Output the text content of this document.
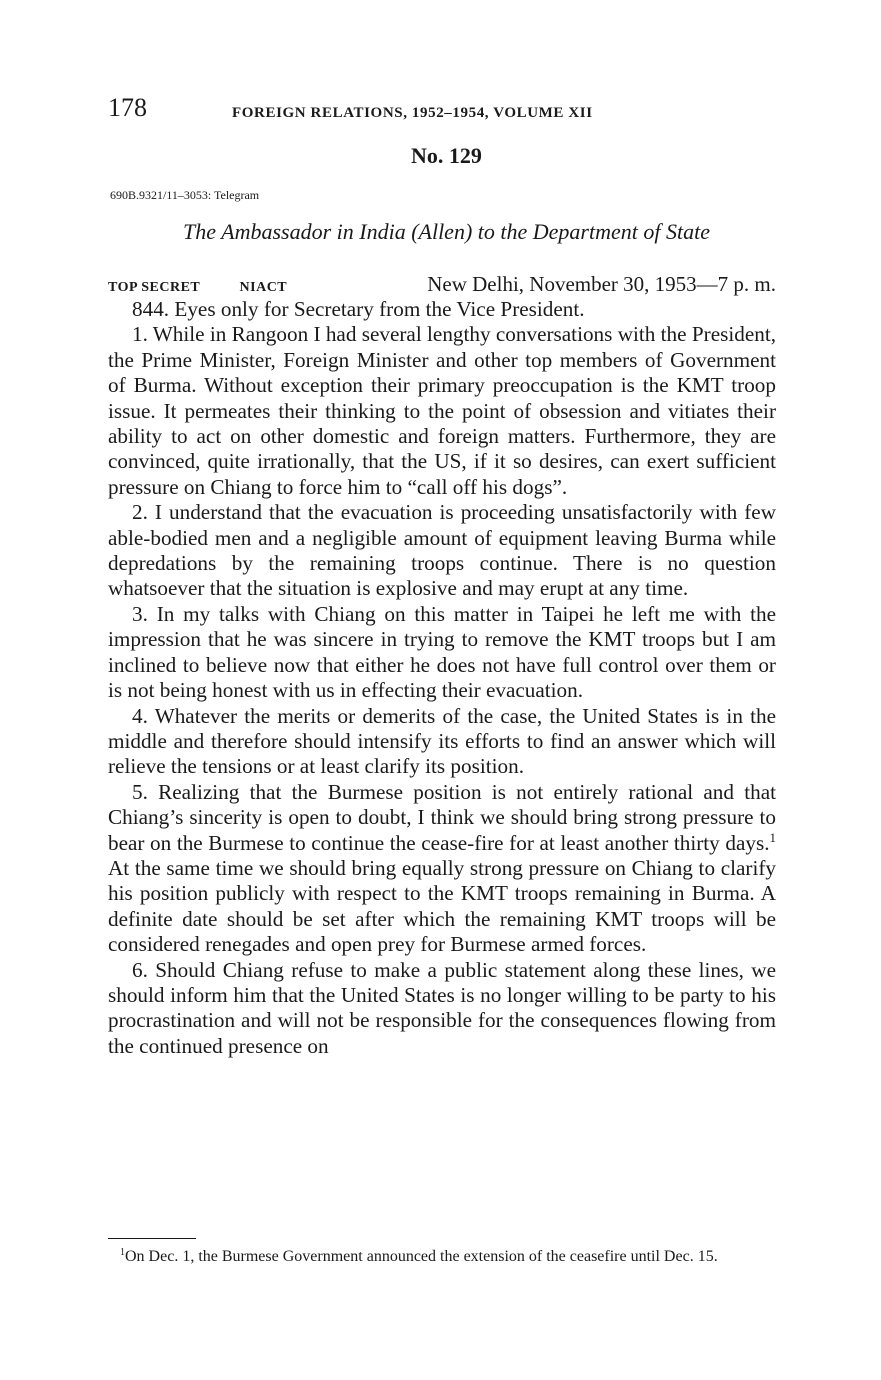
178	FOREIGN RELATIONS, 1952–1954, VOLUME XII
No. 129
690B.9321/11–3053: Telegram
The Ambassador in India (Allen) to the Department of State
TOP SECRET	NIACT	New Delhi, November 30, 1953—7 p. m.

844. Eyes only for Secretary from the Vice President.

1. While in Rangoon I had several lengthy conversations with the President, the Prime Minister, Foreign Minister and other top members of Government of Burma. Without exception their primary preoccupation is the KMT troop issue. It permeates their thinking to the point of obsession and vitiates their ability to act on other domestic and foreign matters. Furthermore, they are convinced, quite irrationally, that the US, if it so desires, can exert sufficient pressure on Chiang to force him to “call off his dogs”.

2. I understand that the evacuation is proceeding unsatisfactorily with few able-bodied men and a negligible amount of equipment leaving Burma while depredations by the remaining troops continue. There is no question whatsoever that the situation is explosive and may erupt at any time.

3. In my talks with Chiang on this matter in Taipei he left me with the impression that he was sincere in trying to remove the KMT troops but I am inclined to believe now that either he does not have full control over them or is not being honest with us in effecting their evacuation.

4. Whatever the merits or demerits of the case, the United States is in the middle and therefore should intensify its efforts to find an answer which will relieve the tensions or at least clarify its position.

5. Realizing that the Burmese position is not entirely rational and that Chiang’s sincerity is open to doubt, I think we should bring strong pressure to bear on the Burmese to continue the cease-fire for at least another thirty days.$^1$ At the same time we should bring equally strong pressure on Chiang to clarify his position publicly with respect to the KMT troops remaining in Burma. A definite date should be set after which the remaining KMT troops will be considered renegades and open prey for Burmese armed forces.

6. Should Chiang refuse to make a public statement along these lines, we should inform him that the United States is no longer willing to be party to his procrastination and will not be responsible for the consequences flowing from the continued presence on

$^1$On Dec. 1, the Burmese Government announced the extension of the ceasefire until Dec. 15.
